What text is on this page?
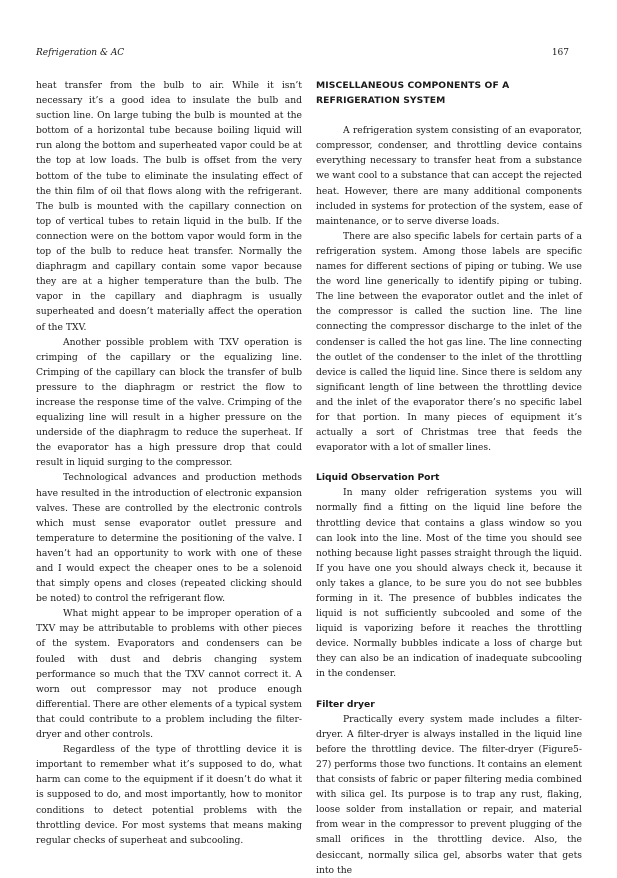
Refrigeration & AC	167

heat transfer from the bulb to air. While it isn’t necessary it’s a good idea to insulate the bulb and suction line. On large tubing the bulb is mounted at the bottom of a horizontal tube because boiling liquid will run along the bottom and superheated vapor could be at the top at low loads. The bulb is offset from the very bottom of the tube to eliminate the insulating effect of the thin film of oil that flows along with the refrigerant. The bulb is mounted with the capillary connection on top of vertical tubes to retain liquid in the bulb. If the connection were on the bottom vapor would form in the top of the bulb to reduce heat transfer. Normally the diaphragm and capillary contain some vapor because they are at a higher temperature than the bulb. The vapor in the capillary and diaphragm is usually superheated and doesn’t materially affect the operation of the TXV.

Another possible problem with TXV operation is crimping of the capillary or the equalizing line. Crimping of the capillary can block the transfer of bulb pressure to the diaphragm or restrict the flow to increase the response time of the valve. Crimping of the equalizing line will result in a higher pressure on the underside of the diaphragm to reduce the superheat. If the evaporator has a high pressure drop that could result in liquid surging to the compressor.

Technological advances and production methods have resulted in the introduction of electronic expansion valves. These are controlled by the electronic controls which must sense evaporator outlet pressure and temperature to determine the positioning of the valve. I haven’t had an opportunity to work with one of these and I would expect the cheaper ones to be a solenoid that simply opens and closes (repeated clicking should be noted) to control the refrigerant flow.

What might appear to be improper operation of a TXV may be attributable to problems with other pieces of the system. Evaporators and condensers can be fouled with dust and debris changing system performance so much that the TXV cannot correct it. A worn out compressor may not produce enough differential. There are other elements of a typical system that could contribute to a problem including the filter-dryer and other controls.

Regardless of the type of throttling device it is important to remember what it’s supposed to do, what harm can come to the equipment if it doesn’t do what it is supposed to do, and most importantly, how to monitor conditions to detect potential problems with the throttling device. For most systems that means making regular checks of superheat and subcooling.

MISCELLANEOUS COMPONENTS OF A REFRIGERATION SYSTEM

A refrigeration system consisting of an evaporator, compressor, condenser, and throttling device contains everything necessary to transfer heat from a substance we want cool to a substance that can accept the rejected heat. However, there are many additional components included in systems for protection of the system, ease of maintenance, or to serve diverse loads.

There are also specific labels for certain parts of a refrigeration system. Among those labels are specific names for different sections of piping or tubing. We use the word line generically to identify piping or tubing. The line between the evaporator outlet and the inlet of the compressor is called the suction line. The line connecting the compressor discharge to the inlet of the condenser is called the hot gas line. The line connecting the outlet of the condenser to the inlet of the throttling device is called the liquid line. Since there is seldom any significant length of line between the throttling device and the inlet of the evaporator there’s no specific label for that portion. In many pieces of equipment it’s actually a sort of Christmas tree that feeds the evaporator with a lot of smaller lines.

Liquid Observation Port

In many older refrigeration systems you will normally find a fitting on the liquid line before the throttling device that contains a glass window so you can look into the line. Most of the time you should see nothing because light passes straight through the liquid. If you have one you should always check it, because it only takes a glance, to be sure you do not see bubbles forming in it. The presence of bubbles indicates the liquid is not sufficiently subcooled and some of the liquid is vaporizing before it reaches the throttling device. Normally bubbles indicate a loss of charge but they can also be an indication of inadequate subcooling in the condenser.

Filter dryer

Practically every system made includes a filter-dryer. A filter-dryer is always installed in the liquid line before the throttling device. The filter-dryer (Figure5-27) performs those two functions. It contains an element that consists of fabric or paper filtering media combined with silica gel. Its purpose is to trap any rust, flaking, loose solder from installation or repair, and material from wear in the compressor to prevent plugging of the small orifices in the throttling device. Also, the desiccant, normally silica gel, absorbs water that gets into the
